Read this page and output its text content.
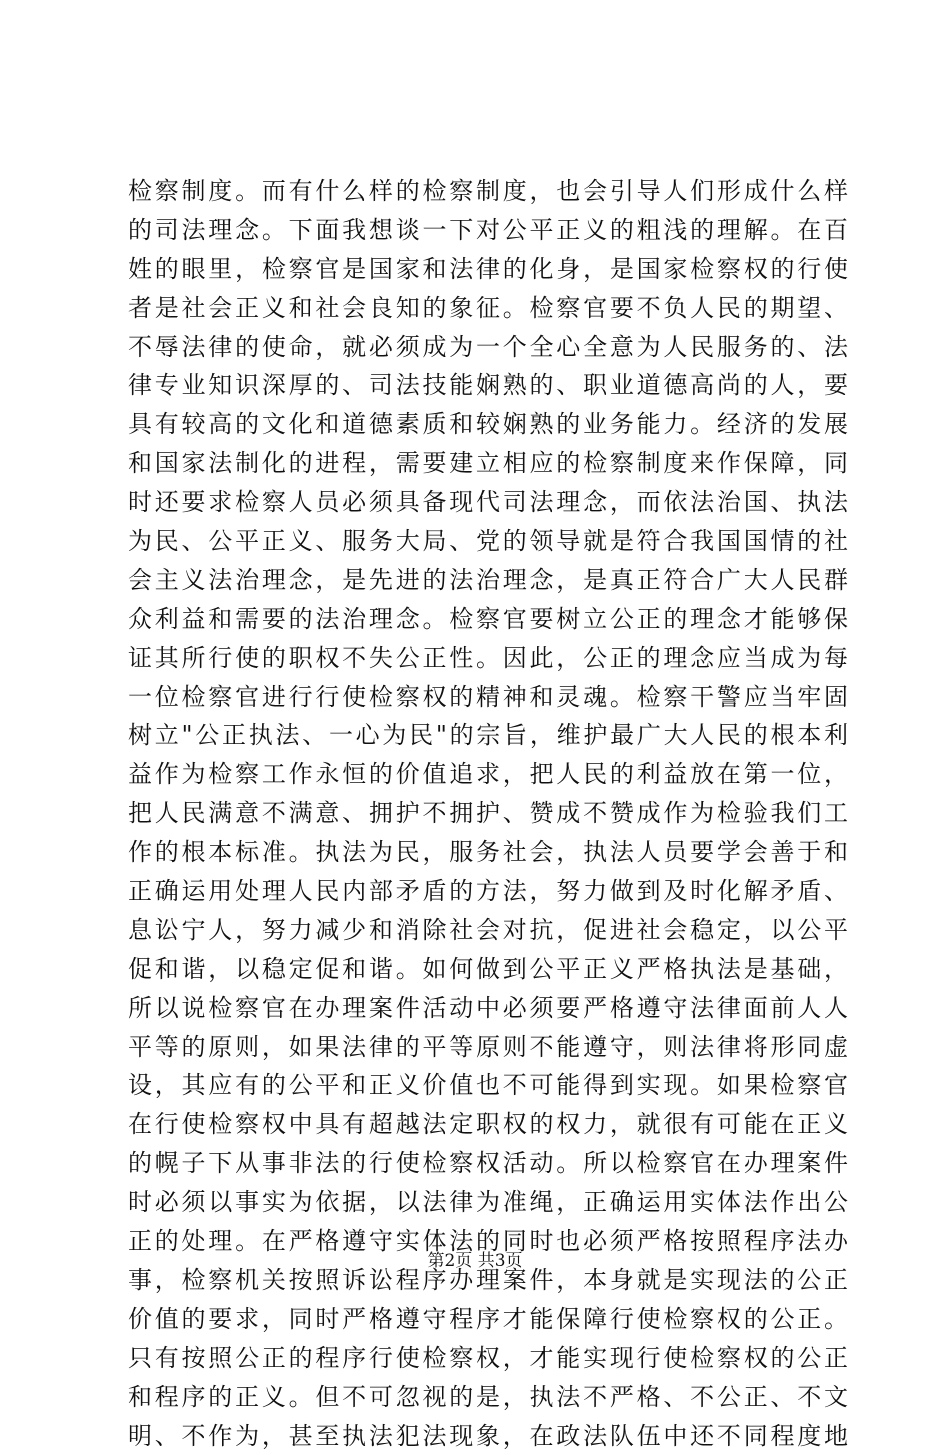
检察制度。而有什么样的检察制度，也会引导人们形成什么样
的司法理念。下面我想谈一下对公平正义的粗浅的理解。在百
姓的眼里，检察官是国家和法律的化身，是国家检察权的行使
者是社会正义和社会良知的象征。检察官要不负人民的期望、
不辱法律的使命，就必须成为一个全心全意为人民服务的、法
律专业知识深厚的、司法技能娴熟的、职业道德高尚的人，要
具有较高的文化和道德素质和较娴熟的业务能力。经济的发展
和国家法制化的进程，需要建立相应的检察制度来作保障，同
时还要求检察人员必须具备现代司法理念，而依法治国、执法
为民、公平正义、服务大局、党的领导就是符合我国国情的社
会主义法治理念，是先进的法治理念，是真正符合广大人民群
众利益和需要的法治理念。检察官要树立公正的理念才能够保
证其所行使的职权不失公正性。因此，公正的理念应当成为每
一位检察官进行行使检察权的精神和灵魂。检察干警应当牢固
树立"公正执法、一心为民"的宗旨，维护最广大人民的根本利
益作为检察工作永恒的价值追求，把人民的利益放在第一位，
把人民满意不满意、拥护不拥护、赞成不赞成作为检验我们工
作的根本标准。执法为民，服务社会，执法人员要学会善于和
正确运用处理人民内部矛盾的方法，努力做到及时化解矛盾、
息讼宁人，努力减少和消除社会对抗，促进社会稳定，以公平
促和谐，以稳定促和谐。如何做到公平正义严格执法是基础，
所以说检察官在办理案件活动中必须要严格遵守法律面前人人
平等的原则，如果法律的平等原则不能遵守，则法律将形同虚
设，其应有的公平和正义价值也不可能得到实现。如果检察官
在行使检察权中具有超越法定职权的权力，就很有可能在正义
的幌子下从事非法的行使检察权活动。所以检察官在办理案件
时必须以事实为依据，以法律为准绳，正确运用实体法作出公
正的处理。在严格遵守实体法的同时也必须严格按照程序法办
事，检察机关按照诉讼程序办理案件，本身就是实现法的公正
价值的要求，同时严格遵守程序才能保障行使检察权的公正。
只有按照公正的程序行使检察权，才能实现行使检察权的公正
和程序的正义。但不可忽视的是，执法不严格、不公正、不文
明、不作为，甚至执法犯法现象，在政法队伍中还不同程度地
第2页 共3页
